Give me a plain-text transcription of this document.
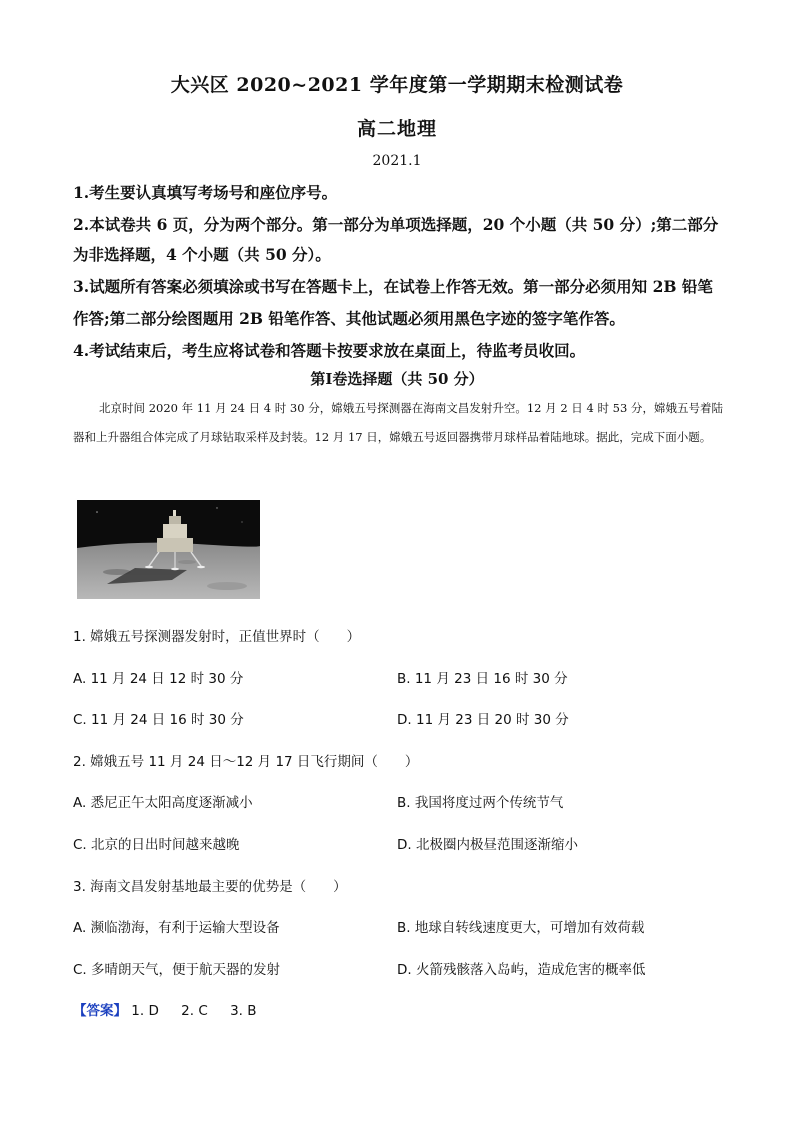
大兴区 2020~2021 学年度第一学期期末检测试卷
高二地理
2021.1
1.考生要认真填写考场号和座位序号。
2.本试卷共 6 页，分为两个部分。第一部分为单项选择题，20 个小题（共 50 分）;第二部分
为非选择题，4 个小题（共 50 分）。
3.试题所有答案必须填涂或书写在答题卡上，在试卷上作答无效。第一部分必须用知 2B 铅笔
作答;第二部分绘图题用 2B 铅笔作答、其他试题必须用黑色字迹的签字笔作答。
4.考试结束后，考生应将试卷和答题卡按要求放在桌面上，待监考员收回。
第Ⅰ卷选择题（共 50 分）
北京时间 2020 年 11 月 24 日 4 时 30 分，嫦娥五号探测器在海南文昌发射升空。12 月 2 日 4 时 53 分，嫦娥五号着陆器和上升器组合体完成了月球钻取采样及封装。12 月 17 日，嫦娥五号返回器携带月球样品着陆地球。据此，完成下面小题。
1. 嫦娥五号探测器发射时，正值世界时（　　）
A. 11 月 24 日 12 时 30 分	B. 11 月 23 日 16 时 30 分
C. 11 月 24 日 16 时 30 分	D. 11 月 23 日 20 时 30 分
2. 嫦娥五号 11 月 24 日～12 月 17 日飞行期间（　　）
A. 悉尼正午太阳高度逐渐减小	B. 我国将度过两个传统节气
C. 北京的日出时间越来越晚	D. 北极圈内极昼范围逐渐缩小
3. 海南文昌发射基地最主要的优势是（　　）
A. 濒临渤海，有利于运输大型设备	B. 地球自转线速度更大，可增加有效荷载
C. 多晴朗天气，便于航天器的发射	D. 火箭残骸落入岛屿，造成危害的概率低
【答案】 1. D 2. C 3. B
